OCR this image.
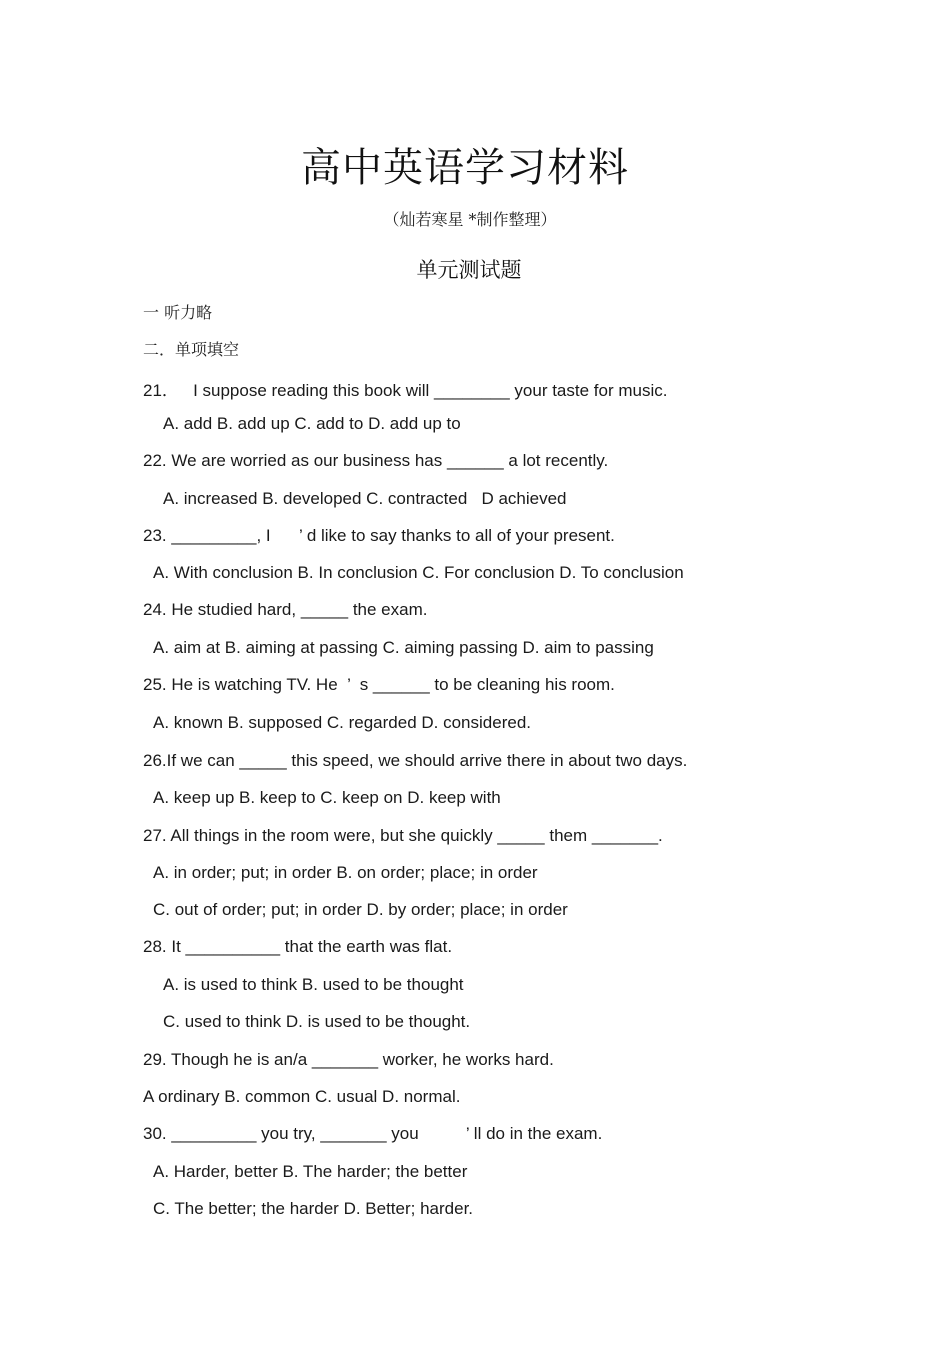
高中英语学习材料
（灿若寒星 *制作整理）
单元测试题
一 听力略
二．单项填空
21．   I suppose reading this book will ________ your taste for music.
A. add B. add up C. add to D. add up to
22. We are worried as our business has ______ a lot recently.
A. increased B. developed C. contracted   D achieved
23. _________, I      ’ d like to say thanks to all of your present.
A. With conclusion B. In conclusion C. For conclusion D. To conclusion
24. He studied hard, _____ the exam.
A. aim at B. aiming at passing C. aiming passing D. aim to passing
25. He is watching TV. He  ’  s ______ to be cleaning his room.
A. known B. supposed C. regarded D. considered.
26.If we can _____ this speed, we should arrive there in about two days.
A. keep up B. keep to C. keep on D. keep with
27. All things in the room were, but she quickly _____ them _______.
A. in order; put; in order B. on order; place; in order
C. out of order; put; in order D. by order; place; in order
28. It __________ that the earth was flat.
A. is used to think B. used to be thought
C. used to think D. is used to be thought.
29. Though he is an/a _______ worker, he works hard.
A ordinary B. common C. usual D. normal.
30. _________ you try, _______ you          ’ ll do in the exam.
A. Harder, better B. The harder; the better
C. The better; the harder D. Better; harder.
